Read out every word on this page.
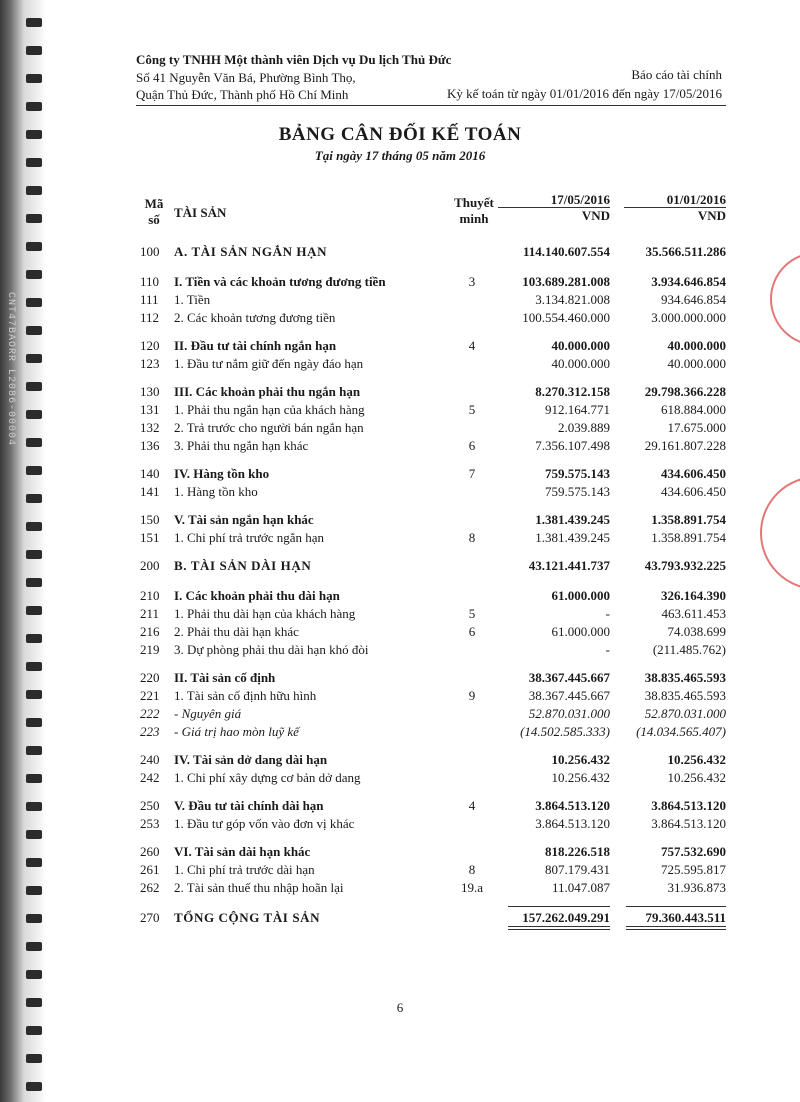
CNT47BAORR L2086-00004
Công ty TNHH Một thành viên Dịch vụ Du lịch Thủ Đức
Số 41 Nguyễn Văn Bá, Phường Bình Thọ,
Quận Thủ Đức, Thành phố Hồ Chí Minh
Báo cáo tài chính
Kỳ kế toán từ ngày 01/01/2016 đến ngày 17/05/2016
BẢNG CÂN ĐỐI KẾ TOÁN
Tại ngày 17 tháng 05 năm 2016
Mã
số	TÀI SẢN
Thuyết
minh
17/05/2016
VND
01/01/2016
VND
100	A. TÀI SẢN NGẮN HẠN	114.140.607.554	35.566.511.286
110	I. Tiền và các khoản tương đương tiền	3	103.689.281.008	3.934.646.854
111	1. Tiền	3.134.821.008	934.646.854
112	2. Các khoản tương đương tiền	100.554.460.000	3.000.000.000
120	II. Đầu tư tài chính ngắn hạn	4	40.000.000	40.000.000
123	1. Đầu tư nắm giữ đến ngày đáo hạn	40.000.000	40.000.000
130	III. Các khoản phải thu ngắn hạn	8.270.312.158	29.798.366.228
131	1. Phải thu ngắn hạn của khách hàng	5	912.164.771	618.884.000
132	2. Trả trước cho người bán ngắn hạn	2.039.889	17.675.000
136	3. Phải thu ngắn hạn khác	6	7.356.107.498	29.161.807.228
140	IV. Hàng tồn kho	7	759.575.143	434.606.450
141	1. Hàng tồn kho	759.575.143	434.606.450
150	V. Tài sản ngắn hạn khác	1.381.439.245	1.358.891.754
151	1. Chi phí trả trước ngắn hạn	8	1.381.439.245	1.358.891.754
200	B. TÀI SẢN DÀI HẠN	43.121.441.737	43.793.932.225
210	I. Các khoản phải thu dài hạn	61.000.000	326.164.390
211	1. Phải thu dài hạn của khách hàng	5	-	463.611.453
216	2. Phải thu dài hạn khác	6	61.000.000	74.038.699
219	3. Dự phòng phải thu dài hạn khó đòi	-	(211.485.762)
220	II. Tài sản cố định	38.367.445.667	38.835.465.593
221	1. Tài sản cố định hữu hình	9	38.367.445.667	38.835.465.593
222	- Nguyên giá	52.870.031.000	52.870.031.000
223	- Giá trị hao mòn luỹ kế	(14.502.585.333)	(14.034.565.407)
240	IV. Tài sản dở dang dài hạn	10.256.432	10.256.432
242	1. Chi phí xây dựng cơ bản dở dang	10.256.432	10.256.432
250	V. Đầu tư tài chính dài hạn	4	3.864.513.120	3.864.513.120
253	1. Đầu tư góp vốn vào đơn vị khác	3.864.513.120	3.864.513.120
260	VI. Tài sản dài hạn khác	818.226.518	757.532.690
261	1. Chi phí trả trước dài hạn	8	807.179.431	725.595.817
262	2. Tài sản thuế thu nhập hoãn lại	19.a	11.047.087	31.936.873
270	TỔNG CỘNG TÀI SẢN	157.262.049.291	79.360.443.511
6
